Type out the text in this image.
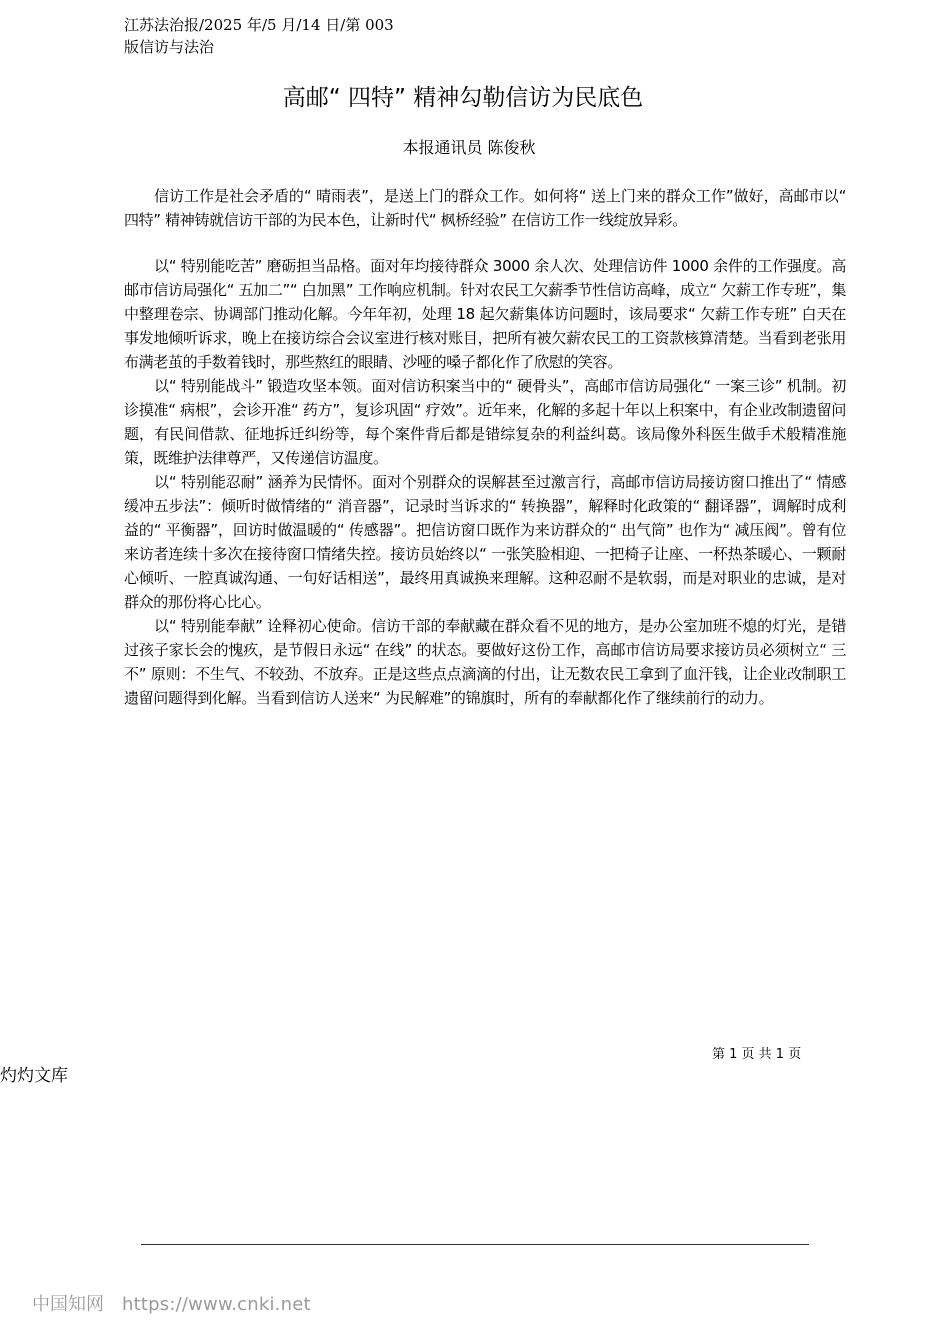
江苏法治报/2025 年/5 月/14 日/第 003
版信访与法治
高邮“ 四特” 精神勾勒信访为民底色
本报通讯员 陈俊秋

信访工作是社会矛盾的“ 晴雨表”，是送上门的群众工作。如何将“ 送上门来的群众工作”做好，高邮市以“ 四特” 精神铸就信访干部的为民本色，让新时代“ 枫桥经验” 在信访工作一线绽放异彩。

以“ 特别能吃苦” 磨砺担当品格。面对年均接待群众 3000 余人次、处理信访件 1000 余件的工作强度。高邮市信访局强化“ 五加二”“ 白加黑” 工作响应机制。针对农民工欠薪季节性信访高峰，成立“ 欠薪工作专班”，集中整理卷宗、协调部门推动化解。今年年初，处理 18 起欠薪集体访问题时，该局要求“ 欠薪工作专班” 白天在事发地倾听诉求，晚上在接访综合会议室进行核对账目，把所有被欠薪农民工的工资款核算清楚。当看到老张用布满老茧的手数着钱时，那些熬红的眼睛、沙哑的嗓子都化作了欣慰的笑容。

以“ 特别能战斗” 锻造攻坚本领。面对信访积案当中的“ 硬骨头”，高邮市信访局强化“ 一案三诊” 机制。初诊摸准“ 病根”，会诊开准“ 药方”，复诊巩固“ 疗效”。近年来，化解的多起十年以上积案中，有企业改制遗留问题，有民间借款、征地拆迁纠纷等，每个案件背后都是错综复杂的利益纠葛。该局像外科医生做手术般精准施策，既维护法律尊严，又传递信访温度。

以“ 特别能忍耐” 涵养为民情怀。面对个别群众的误解甚至过激言行，高邮市信访局接访窗口推出了“ 情感缓冲五步法”：倾听时做情绪的“ 消音器”，记录时当诉求的“ 转换器”，解释时化政策的“ 翻译器”，调解时成利益的“ 平衡器”，回访时做温暖的“ 传感器”。把信访窗口既作为来访群众的“ 出气筒” 也作为“ 减压阀”。曾有位来访者连续十多次在接待窗口情绪失控。接访员始终以“ 一张笑脸相迎、一把椅子让座、一杯热茶暖心、一颗耐心倾听、一腔真诚沟通、一句好话相送”，最终用真诚换来理解。这种忍耐不是软弱，而是对职业的忠诚，是对群众的那份将心比心。

以“ 特别能奉献” 诠释初心使命。信访干部的奉献藏在群众看不见的地方，是办公室加班不熄的灯光，是错过孩子家长会的愧疚，是节假日永远“ 在线” 的状态。要做好这份工作，高邮市信访局要求接访员必须树立“ 三不” 原则：不生气、不较劲、不放弃。正是这些点点滴滴的付出，让无数农民工拿到了血汗钱，让企业改制职工遗留问题得到化解。当看到信访人送来“ 为民解难”的锦旗时，所有的奉献都化作了继续前行的动力。

第 1 页 共 1 页
灼灼文库
中国知网 https://www.cnki.net
